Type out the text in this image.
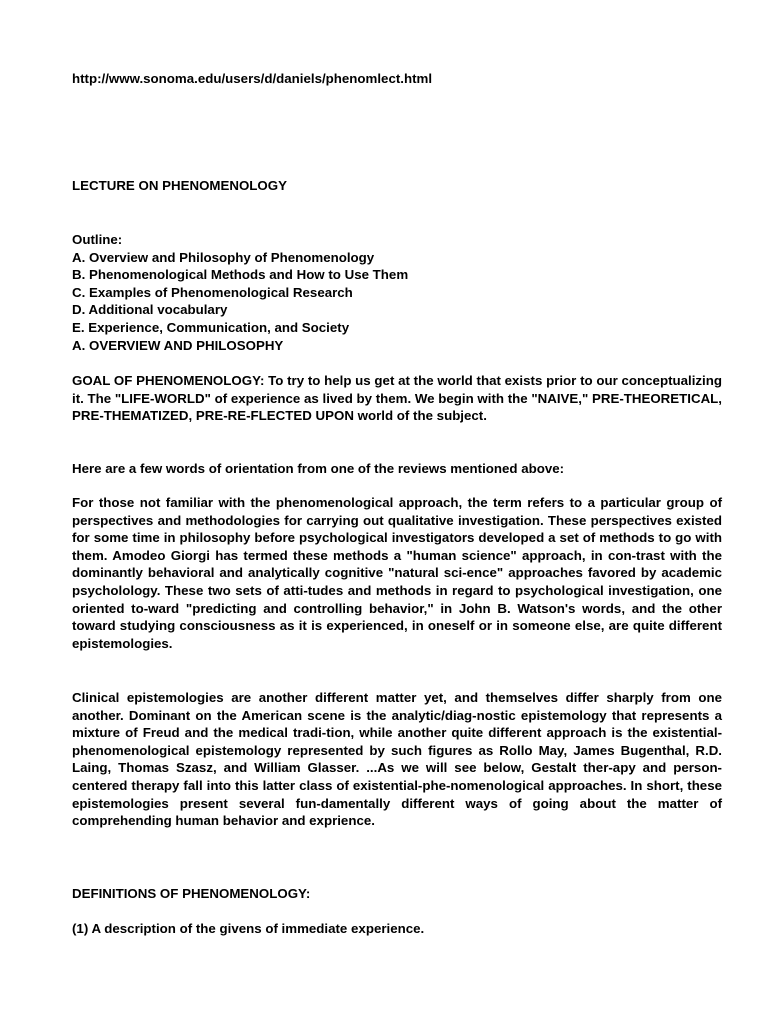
http://www.sonoma.edu/users/d/daniels/phenomlect.html
LECTURE ON PHENOMENOLOGY
Outline:
A. Overview and Philosophy of Phenomenology
B. Phenomenological Methods and How to Use Them
C. Examples of Phenomenological Research
D. Additional vocabulary
E. Experience, Communication, and Society
A. OVERVIEW AND PHILOSOPHY
GOAL OF PHENOMENOLOGY: To try to help us get at the world that exists prior to our conceptualizing it. The "LIFE-WORLD" of experience as lived by them. We begin with the "NAIVE," PRE-THEORETICAL, PRE-THEMATIZED, PRE-RE-FLECTED UPON world of the subject.
Here are a few words of orientation from one of the reviews mentioned above:
For those not familiar with the phenomenological approach, the term refers to a particular group of perspectives and methodologies for carrying out qualitative investigation. These perspectives existed for some time in philosophy before psychological investigators developed a set of methods to go with them. Amodeo Giorgi has termed these methods a "human science" approach, in con-trast with the dominantly behavioral and analytically cognitive "natural sci-ence" approaches favored by academic psycholology. These two sets of atti-tudes and methods in regard to psychological investigation, one oriented to-ward "predicting and controlling behavior," in John B. Watson's words, and the other toward studying consciousness as it is experienced, in oneself or in someone else, are quite different epistemologies.
Clinical epistemologies are another different matter yet, and themselves differ sharply from one another. Dominant on the American scene is the analytic/diag-nostic epistemology that represents a mixture of Freud and the medical tradi-tion, while another quite different approach is the existential-phenomenological epistemology represented by such figures as Rollo May, James Bugenthal, R.D. Laing, Thomas Szasz, and William Glasser. ...As we will see below, Gestalt ther-apy and person-centered therapy fall into this latter class of existential-phe-nomenological approaches. In short, these epistemologies present several fun-damentally different ways of going about the matter of comprehending human behavior and exprience.
DEFINITIONS OF PHENOMENOLOGY:
(1) A description of the givens of immediate experience.
